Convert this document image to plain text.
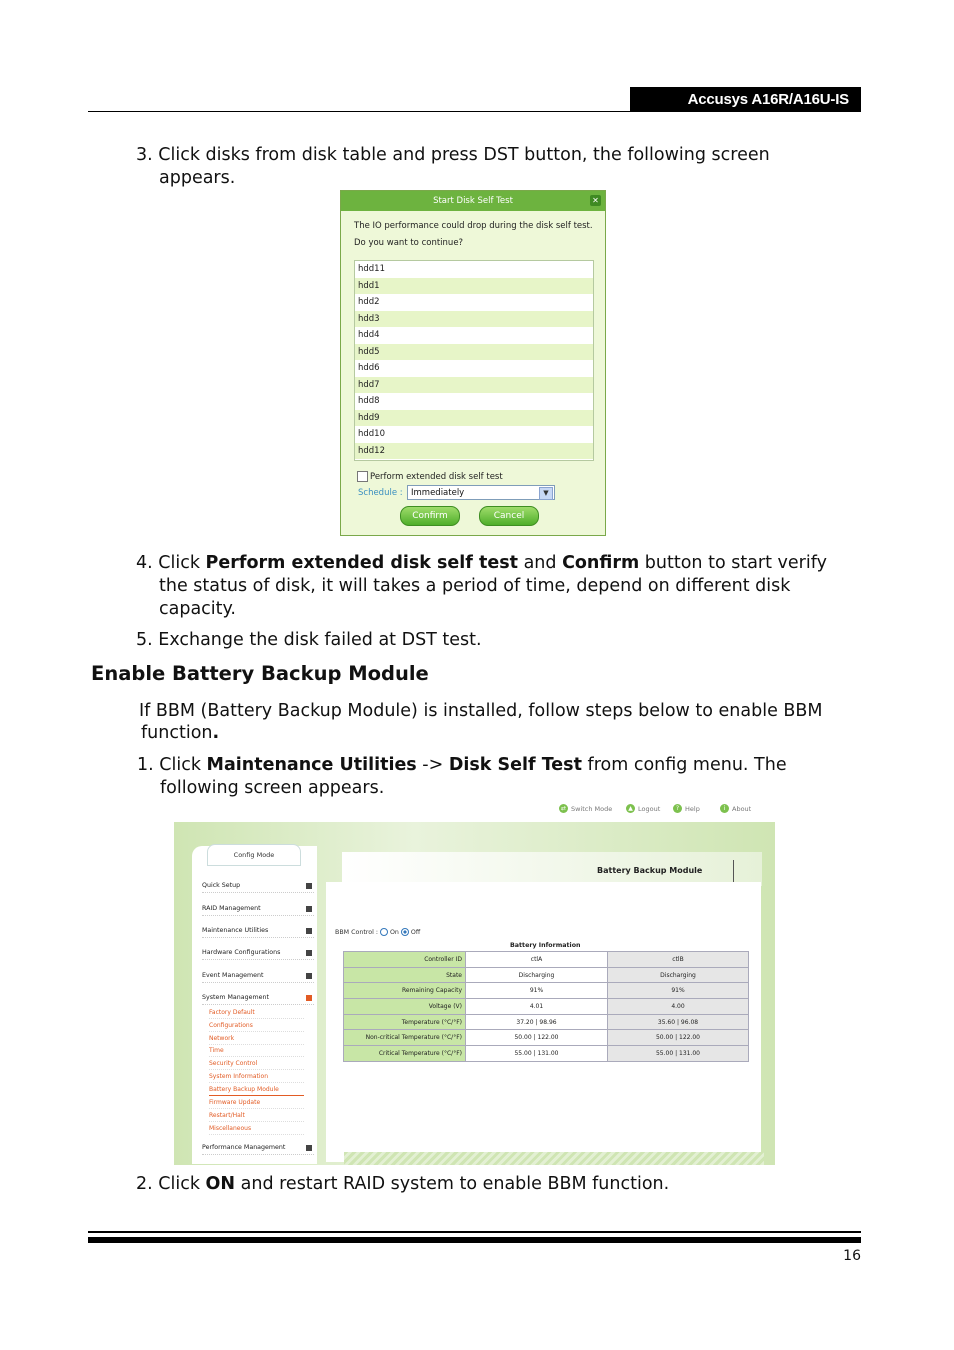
Accusys A16R/A16U-IS
3. Click disks from disk table and press DST button, the following screen
appears.
Start Disk Self Test	✕
The IO performance could drop during the disk self test.
Do you want to continue?
hdd11
hdd1
hdd2
hdd3
hdd4
hdd5
hdd6
hdd7
hdd8
hdd9
hdd10
hdd12
Perform extended disk self test
Schedule : Immediately	▼
Confirm	Cancel
4. Click Perform extended disk self test and Confirm button to start verify
the status of disk, it will takes a period of time, depend on different disk
capacity.
5. Exchange the disk failed at DST test.
Enable Battery Backup Module
If BBM (Battery Backup Module) is installed, follow steps below to enable BBM
function.
1. Click Maintenance Utilities -> Disk Self Test from config menu. The
following screen appears.
⇄ Switch Mode	▲ Logout	? Help	i	About
Config Mode
Quick Setup
RAID Management
Maintenance Utilities
Hardware Configurations
Event Management
System Management
Factory Default
Configurations
Network
Time
Security Control
System Information
Battery Backup Module
Firmware Update
Restart/Halt
Miscellaneous
Performance Management
Battery Backup Module
BBM Control : On Off
Battery Information
Controller ID	ctlA	ctlB
State	Discharging	Discharging
Remaining Capacity	91%	91%
Voltage (V)	4.01	4.00
Temperature (°C/°F)	37.20 | 98.96	35.60 | 96.08
Non-critical Temperature (°C/°F)	50.00 | 122.00	50.00 | 122.00
Critical Temperature (°C/°F)	55.00 | 131.00	55.00 | 131.00
2. Click ON and restart RAID system to enable BBM function.
16
